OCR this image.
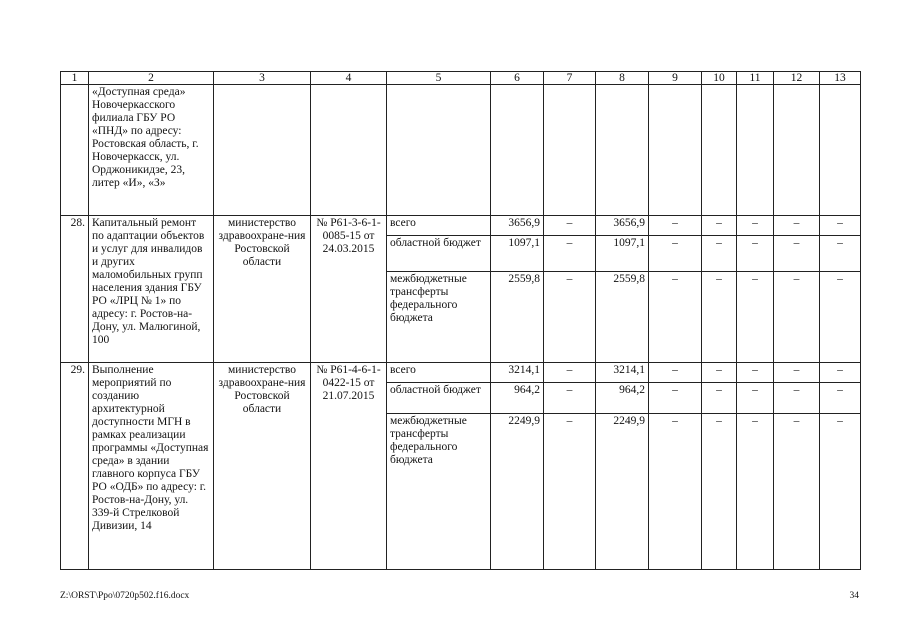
1	2	3	4	5	6	7	8	9	10	11	12	13
	«Доступная среда» Новочеркасского филиала ГБУ РО «ПНД» по адресу: Ростовская область, г. Новочеркасск, ул. Орджоникидзе, 23, литер «И», «З»											
28.	Капитальный ремонт по адаптации объектов и услуг для инвалидов и других маломобильных групп населения здания ГБУ РО «ЛРЦ № 1» по адресу: г. Ростов-на-Дону, ул. Малюгиной, 100	министерство здравоохране-ния Ростовской области	№ Р61-3-6-1-0085-15 от 24.03.2015	всего	3656,9	–	3656,9	–	–	–	–	–
				областной бюджет	1097,1	–	1097,1	–	–	–	–	–
				межбюджетные трансферты федерального бюджета	2559,8	–	2559,8	–	–	–	–	–
29.	Выполнение мероприятий по созданию архитектурной доступности МГН в рамках реализации программы «Доступная среда» в здании главного корпуса ГБУ РО «ОДБ» по адресу: г. Ростов-на-Дону, ул. 339-й Стрелковой Дивизии, 14	министерство здравоохране-ния Ростовской области	№ Р61-4-6-1-0422-15 от 21.07.2015	всего	3214,1	–	3214,1	–	–	–	–	–
				областной бюджет	964,2	–	964,2	–	–	–	–	–
				межбюджетные трансферты федерального бюджета	2249,9	–	2249,9	–	–	–	–	–
Z:\ORST\Ppo\0720p502.f16.docx	34
